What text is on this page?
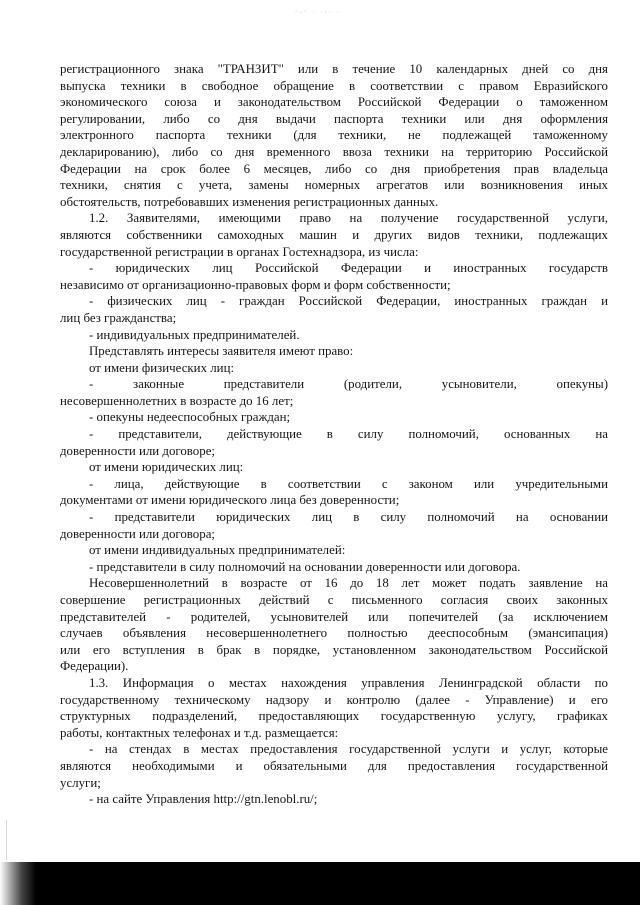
ᵔᵕᵔ ᐧ ᐧᐧᐧ ᐧ

регистрационного знака "ТРАНЗИТ" или в течение 10 календарных дней со дня

выпуска техники в свободное обращение в соответствии с правом Евразийского

экономического союза и законодательством Российской Федерации о таможенном

регулировании, либо со дня выдачи паспорта техники или дня оформления

электронного паспорта техники (для техники, не подлежащей таможенному

декларированию), либо со дня временного ввоза техники на территорию Российской

Федерации на срок более 6 месяцев, либо со дня приобретения прав владельца

техники, снятия с учета, замены номерных агрегатов или возникновения иных

обстоятельств, потребовавших изменения регистрационных данных.

1.2. Заявителями, имеющими право на получение государственной услуги,

являются собственники самоходных машин и других видов техники, подлежащих

государственной регистрации в органах Гостехнадзора, из числа:

- юридических лиц Российской Федерации и иностранных государств

независимо от организационно-правовых форм и форм собственности;

- физических лиц - граждан Российской Федерации, иностранных граждан и

лиц без гражданства;

- индивидуальных предпринимателей.

Представлять интересы заявителя имеют право:

от имени физических лиц:

- законные представители (родители, усыновители, опекуны)

несовершеннолетних в возрасте до 16 лет;

- опекуны недееспособных граждан;

- представители, действующие в силу полномочий, основанных на

доверенности или договоре;

от имени юридических лиц:

- лица, действующие в соответствии с законом или учредительными

документами от имени юридического лица без доверенности;

- представители юридических лиц в силу полномочий на основании

доверенности или договора;

от имени индивидуальных предпринимателей:

- представители в силу полномочий на основании доверенности или договора.

Несовершеннолетний в возрасте от 16 до 18 лет может подать заявление на

совершение регистрационных действий с письменного согласия своих законных

представителей - родителей, усыновителей или попечителей (за исключением

случаев объявления несовершеннолетнего полностью дееспособным (эмансипация)

или его вступления в брак в порядке, установленном законодательством Российской

Федерации).

1.3. Информация о местах нахождения управления Ленинградской области по

государственному техническому надзору и контролю (далее - Управление) и его

структурных подразделений, предоставляющих государственную услугу, графиках

работы, контактных телефонах и т.д. размещается:

- на стендах в местах предоставления государственной услуги и услуг, которые

являются необходимыми и обязательными для предоставления государственной

услуги;

- на сайте Управления http://gtn.lenobl.ru/;
